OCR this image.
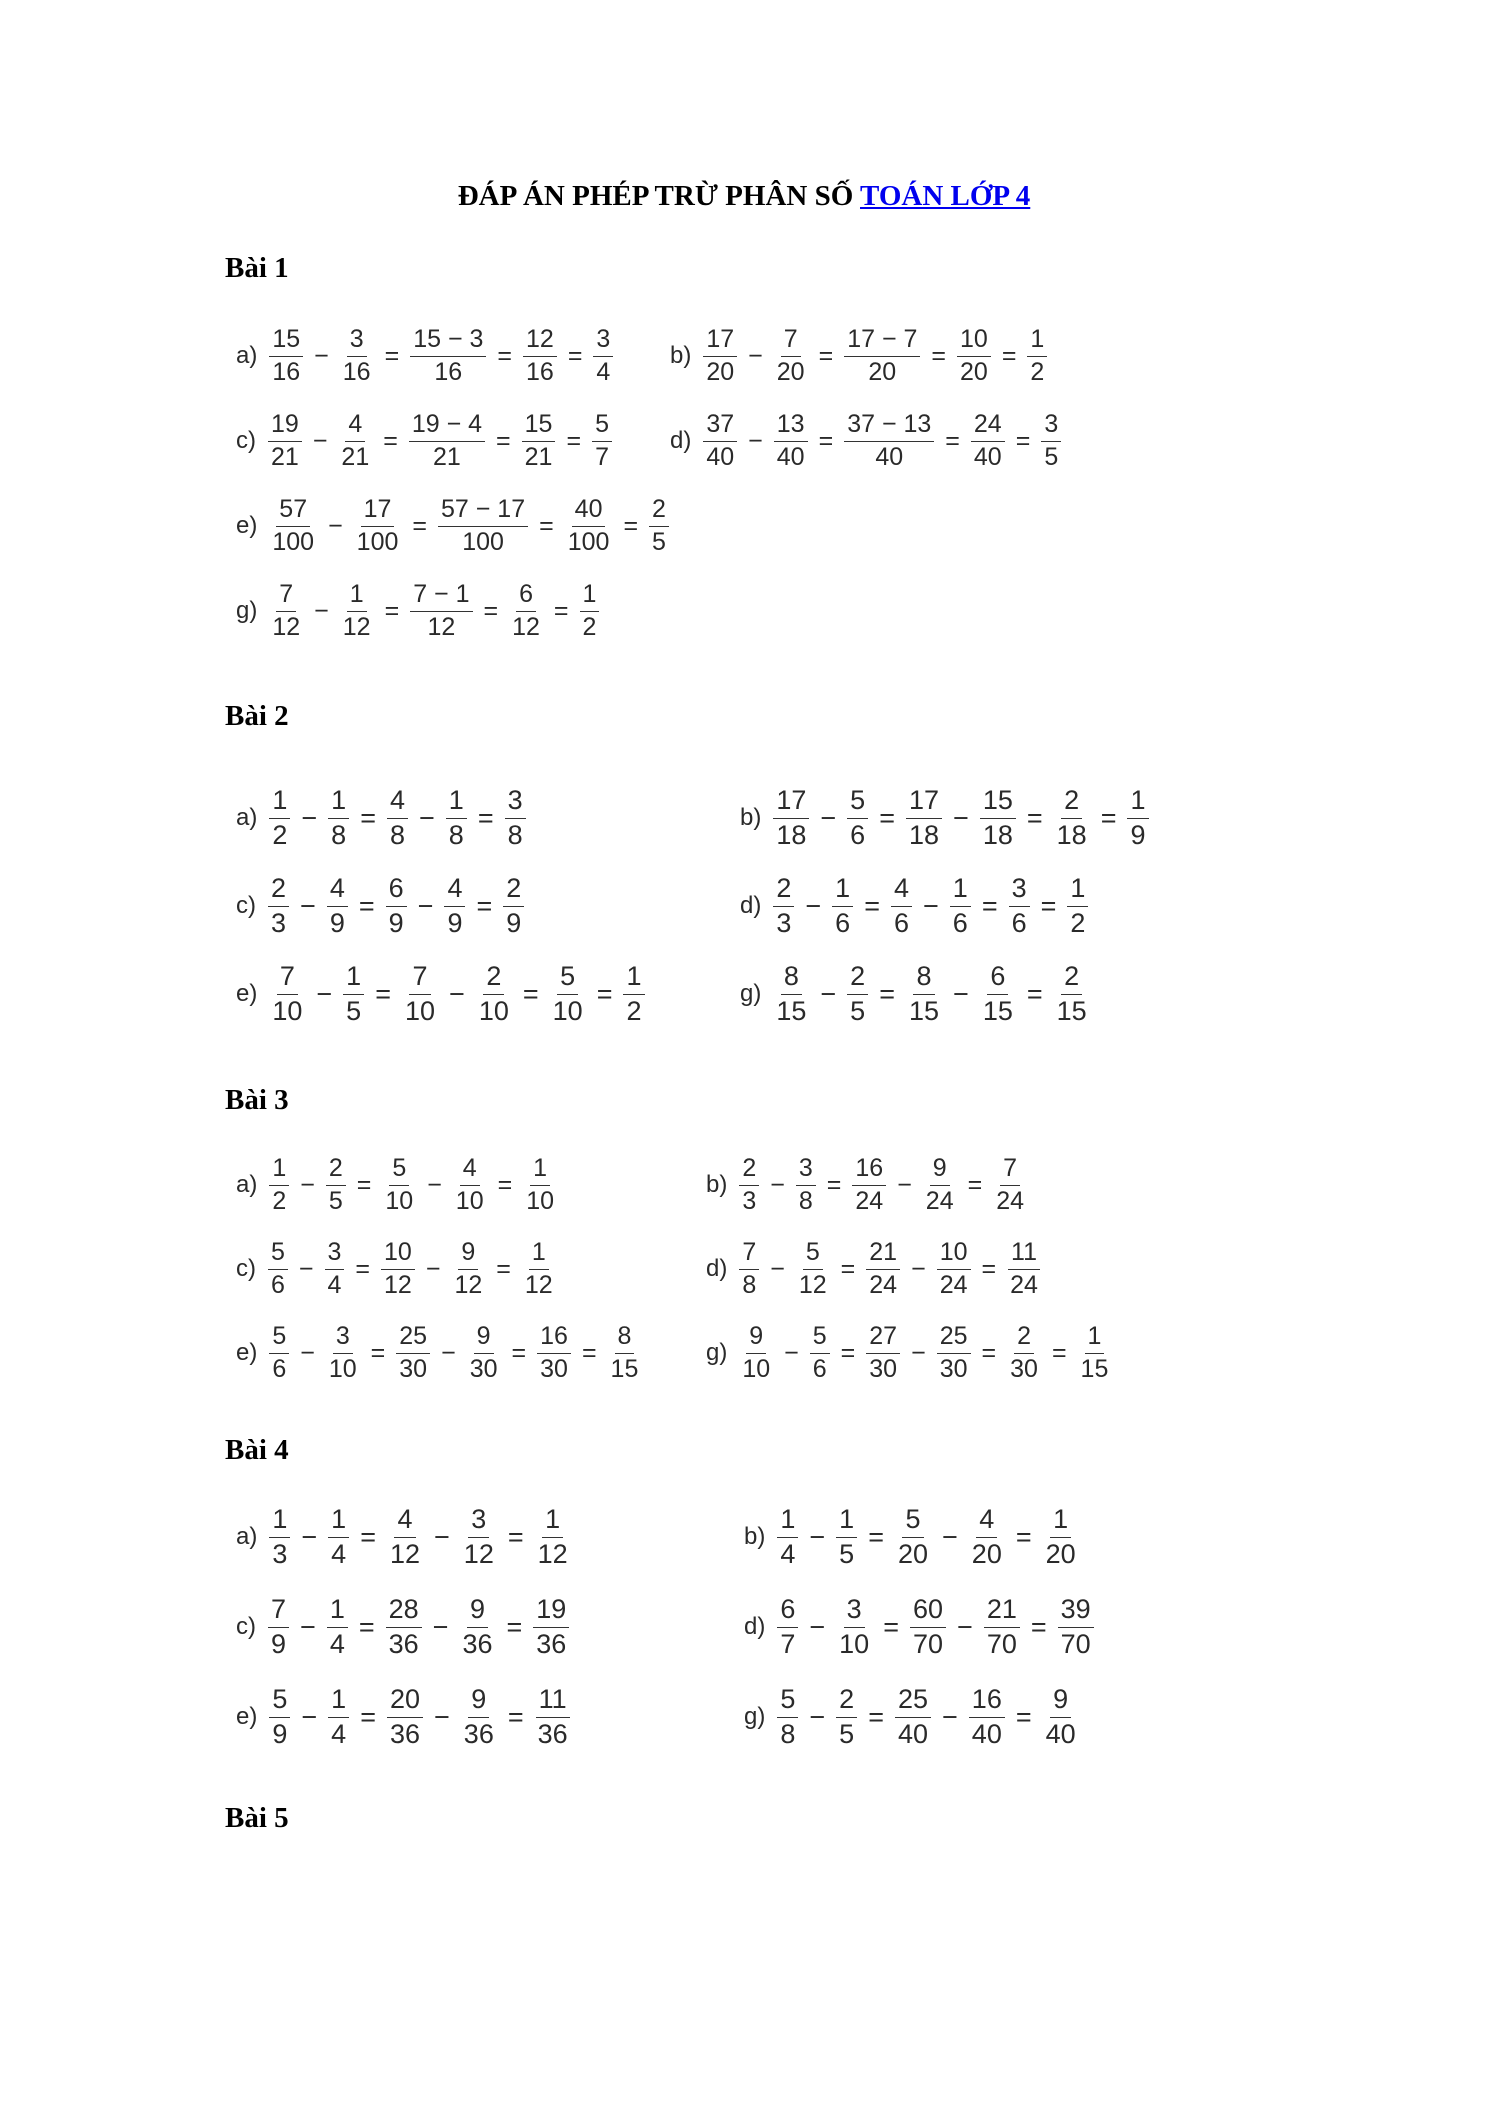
ĐÁP ÁN PHÉP TRỪ PHÂN SỐ TOÁN LỚP 4
Bài 1
Bài 2
Bài 3
Bài 4
Bài 5
$a) \frac{15}{16} - \frac{3}{16} = \frac{15 - 3}{16} = \frac{12}{16} = \frac{3}{4} b) \frac{17}{20} - \frac{7}{20} = \frac{17 - 7}{20} = \frac{10}{20} = \frac{1}{2}$
$c) \frac{19}{21} - \frac{4}{21} = \frac{19 - 4}{21} = \frac{15}{21} = \frac{5}{7} d) \frac{37}{40} - \frac{13}{40} = \frac{37 - 13}{40} = \frac{24}{40} = \frac{3}{5}$
$e) \frac{57}{100} - \frac{17}{100} = \frac{57 - 17}{100} = \frac{40}{100} = \frac{2}{5}$
$g) \frac{7}{12} - \frac{1}{12} = \frac{7 - 1}{12} = \frac{6}{12} = \frac{1}{2}$
$a) \frac{1}{2} - \frac{1}{8} = \frac{4}{8} - \frac{1}{8} = \frac{3}{8}$	$b) \frac{17}{18} - \frac{5}{6} = \frac{17}{18} - \frac{15}{18} = \frac{2}{18} = \frac{1}{9}$
$c) \frac{2}{3} - \frac{4}{9} = \frac{6}{9} - \frac{4}{9} = \frac{2}{9}$	$d) \frac{2}{3} - \frac{1}{6} = \frac{4}{6} - \frac{1}{6} = \frac{3}{6} = \frac{1}{2}$
$e) \frac{7}{10} - \frac{1}{5} = \frac{7}{10} - \frac{2}{10} = \frac{5}{10} = \frac{1}{2}$	$g) \frac{8}{15} - \frac{2}{5} = \frac{8}{15} - \frac{6}{15} = \frac{2}{15}$
$a) \frac{1}{2} - \frac{2}{5} = \frac{5}{10} - \frac{4}{10} = \frac{1}{10}$	$b) \frac{2}{3} - \frac{3}{8} = \frac{16}{24} - \frac{9}{24} = \frac{7}{24}$
$c) \frac{5}{6} - \frac{3}{4} = \frac{10}{12} - \frac{9}{12} = \frac{1}{12}$	$d) \frac{7}{8} - \frac{5}{12} = \frac{21}{24} - \frac{10}{24} = \frac{11}{24}$
$e) \frac{5}{6} - \frac{3}{10} = \frac{25}{30} - \frac{9}{30} = \frac{16}{30} = \frac{8}{15}$	$g) \frac{9}{10} - \frac{5}{6} = \frac{27}{30} - \frac{25}{30} = \frac{2}{30} = \frac{1}{15}$
$a) \frac{1}{3} - \frac{1}{4} = \frac{4}{12} - \frac{3}{12} = \frac{1}{12}$	$b) \frac{1}{4} - \frac{1}{5} = \frac{5}{20} - \frac{4}{20} = \frac{1}{20}$
$c) \frac{7}{9} - \frac{1}{4} = \frac{28}{36} - \frac{9}{36} = \frac{19}{36}$	$d) \frac{6}{7} - \frac{3}{10} = \frac{60}{70} - \frac{21}{70} = \frac{39}{70}$
$e) \frac{5}{9} - \frac{1}{4} = \frac{20}{36} - \frac{9}{36} = \frac{11}{36}$	$g) \frac{5}{8} - \frac{2}{5} = \frac{25}{40} - \frac{16}{40} = \frac{9}{40}$
